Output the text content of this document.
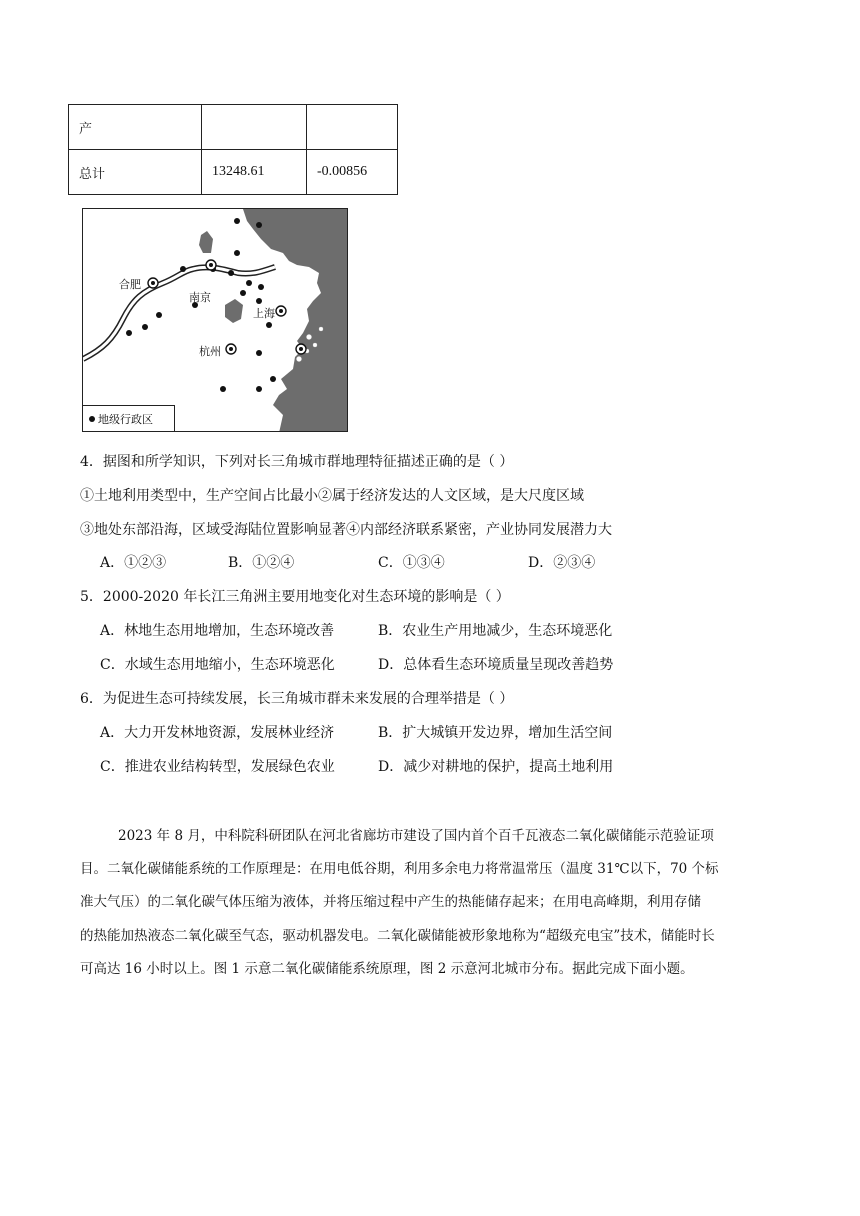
产		
总计	13248.61	-0.00856
合肥
南京
上海
杭州
地级行政区
4．据图和所学知识，下列对长三角城市群地理特征描述正确的是（ ）
①土地利用类型中，生产空间占比最小②属于经济发达的人文区域，是大尺度区域
③地处东部沿海，区域受海陆位置影响显著④内部经济联系紧密，产业协同发展潜力大
A．①②③	B．①②④	C．①③④	D．②③④
5．2000-2020 年长江三角洲主要用地变化对生态环境的影响是（ ）
A．林地生态用地增加，生态环境改善	B．农业生产用地减少，生态环境恶化
C．水域生态用地缩小，生态环境恶化	D．总体看生态环境质量呈现改善趋势
6．为促进生态可持续发展，长三角城市群未来发展的合理举措是（ ）
A．大力开发林地资源，发展林业经济	B．扩大城镇开发边界，增加生活空间
C．推进农业结构转型，发展绿色农业	D．减少对耕地的保护，提高土地利用
2023 年 8 月，中科院科研团队在河北省廊坊市建设了国内首个百千瓦液态二氧化碳储能示范验证项
目。二氧化碳储能系统的工作原理是：在用电低谷期，利用多余电力将常温常压（温度 31℃以下，70 个标
准大气压）的二氧化碳气体压缩为液体，并将压缩过程中产生的热能储存起来；在用电高峰期，利用存储
的热能加热液态二氧化碳至气态，驱动机器发电。二氧化碳储能被形象地称为“超级充电宝”技术，储能时长
可高达 16 小时以上。图 1 示意二氧化碳储能系统原理，图 2 示意河北城市分布。据此完成下面小题。
